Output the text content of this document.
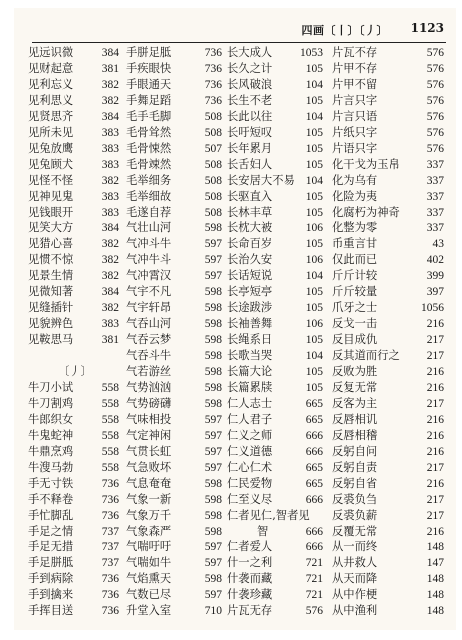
四画〔丨〕〔丿〕 1123
见远识微 384
见财起意 381
见利忘义 382
见利思义 382
见贤思齐 384
见所未见 383
见兔放鹰 383
见兔顾犬 383
见怪不怪 382
见神见鬼 383
见钱眼开 383
见笑大方 384
见猎心喜 382
见惯不惊 382
见景生情 382
见微知著 384
见缝插针 382
见貌辨色 383
见鞍思马 381
〔丿〕
牛刀小试 558
牛刀割鸡 558
牛郎织女 558
牛鬼蛇神 558
牛鼎烹鸡 558
牛溲马勃 558
手无寸铁 736
手不释卷 736
手忙脚乱 736
手足之情 737
手足无措 737
手足胼胝 737
手到病除 736
手到擒来 736
手挥目送 736
手胼足胝	736
手疾眼快	736
手眼通天	736
手舞足蹈	736
毛手毛脚	508
毛骨耸然	508
毛骨悚然	507
毛骨竦然	508
毛举细务	508
毛举细故	508
毛遂自荐	508
气壮山河	598
气冲斗牛	597
气冲牛斗	597
气冲霄汉	597
气宇不凡	598
气宇轩昂	598
气吞山河	598
气吞云梦	598
气吞斗牛	598
气若游丝	598
气势汹汹	598
气势磅礴	598
气味相投	597
气定神闲	597
气贯长虹	597
气急败坏	597
气息奄奄	598
气象一新	598
气象万千	598
气象森严	598
气喘吁吁	597
气喘如牛	597
气焰熏天	598
气数已尽	597
升堂入室	710
长大成人 1053
长久之计	105
长风破浪	104
长生不老	105
长此以往	104
长吁短叹	105
长年累月	105
长舌妇人	105
长安居大不易 104
长驱直入	105
长林丰草	105
长枕大被	106
长命百岁	105
长治久安	106
长话短说	104
长亭短亭	105
长途跋涉	105
长袖善舞	106
长绳系日	105
长歌当哭	104
长篇大论	105
长篇累牍	105
仁人志士	665
仁人君子	665
仁义之师	666
仁义道德	666
仁心仁术	665
仁民爱物	665
仁至义尽	666
仁者见仁,智者见
智	666
仁者爱人	666
什一之利	721
什袭而藏	721
什袭珍藏	721
片瓦无存	576
片瓦不存	576
片甲不存	576
片甲不留	576
片言只字	576
片言只语	576
片纸只字	576
片语只字	576
化干戈为玉帛 337
化为乌有	337
化险为夷	337
化腐朽为神奇 337
化整为零	337
币重言甘	43
仅此而已	402
斤斤计较	399
斤斤较量	397
爪牙之士	1056
反戈一击	216
反目成仇	217
反其道而行之 217
反败为胜	216
反复无常	216
反客为主	217
反唇相讥	216
反唇相稽	216
反躬自问	216
反躬自责	217
反躬自省	216
反裘负刍	217
反裘负薪	217
反覆无常	216
从一而终	148
从井救人	147
从天而降	148
从中作梗	148
从中渔利	148
